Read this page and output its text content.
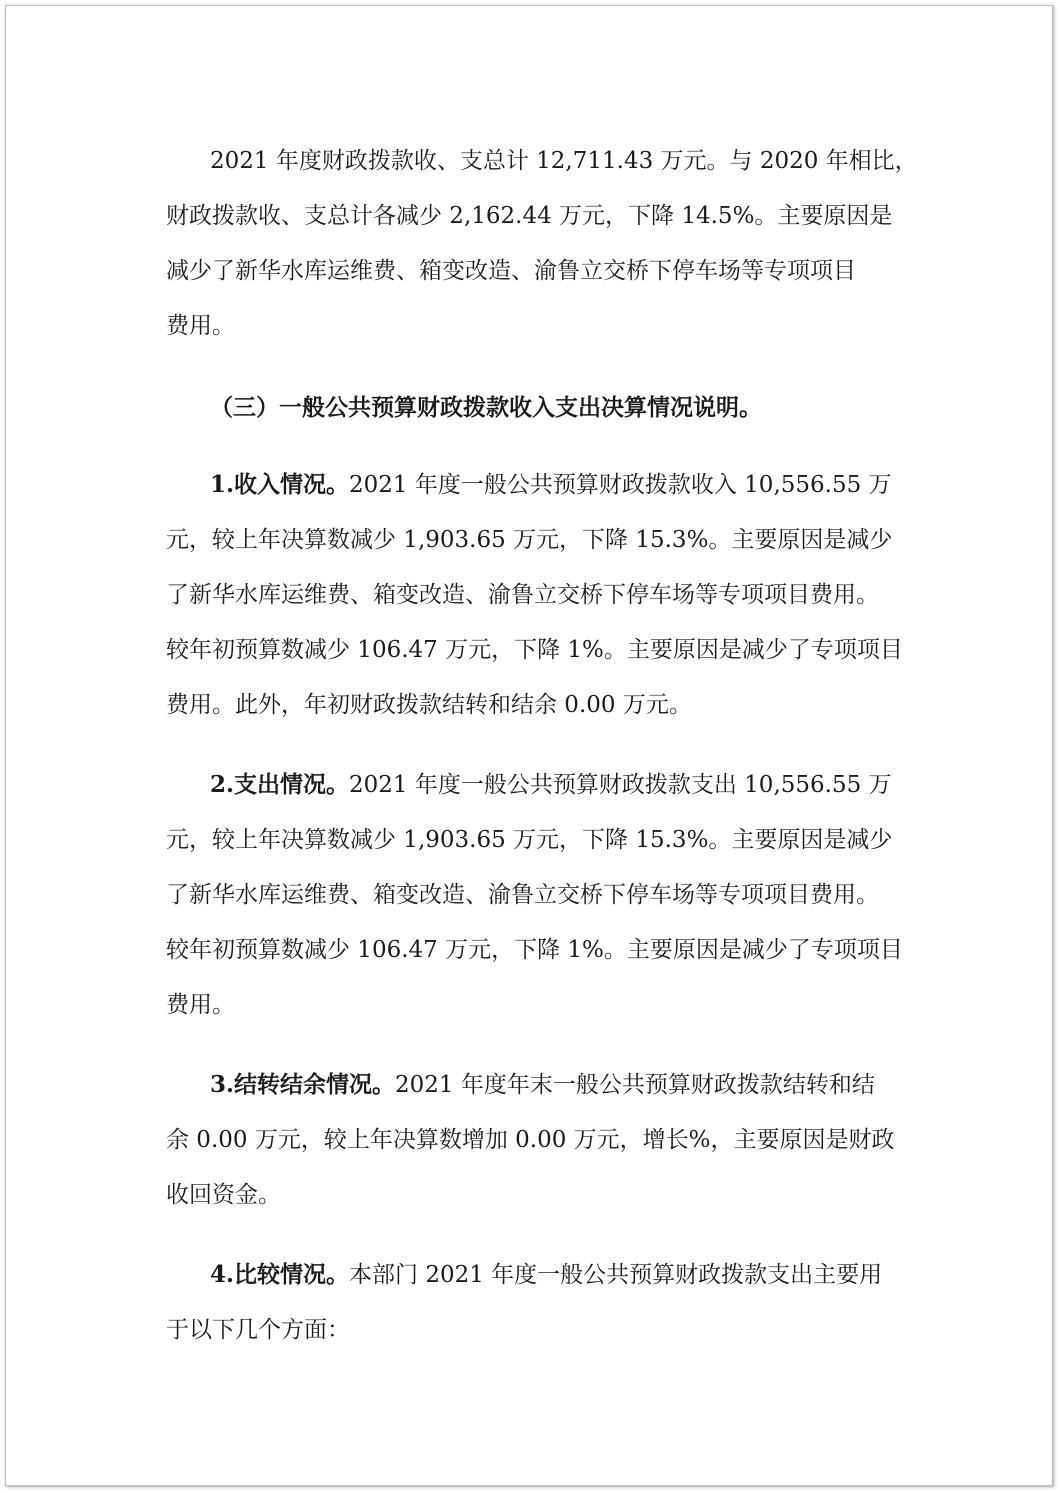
2021 年度财政拨款收、支总计 12,711.43 万元。与 2020 年相比，
财政拨款收、支总计各减少 2,162.44 万元，下降 14.5%。主要原因是
减少了新华水库运维费、箱变改造、渝鲁立交桥下停车场等专项项目
费用。
（三）一般公共预算财政拨款收入支出决算情况说明。
1.收入情况。2021 年度一般公共预算财政拨款收入 10,556.55 万
元，较上年决算数减少 1,903.65 万元，下降 15.3%。主要原因是减少
了新华水库运维费、箱变改造、渝鲁立交桥下停车场等专项项目费用。
较年初预算数减少 106.47 万元，下降 1%。主要原因是减少了专项项目
费用。此外，年初财政拨款结转和结余 0.00 万元。
2.支出情况。2021 年度一般公共预算财政拨款支出 10,556.55 万
元，较上年决算数减少 1,903.65 万元，下降 15.3%。主要原因是减少
了新华水库运维费、箱变改造、渝鲁立交桥下停车场等专项项目费用。
较年初预算数减少 106.47 万元，下降 1%。主要原因是减少了专项项目
费用。
3.结转结余情况。2021 年度年末一般公共预算财政拨款结转和结
余 0.00 万元，较上年决算数增加 0.00 万元，增长%，主要原因是财政
收回资金。
4.比较情况。本部门 2021 年度一般公共预算财政拨款支出主要用
于以下几个方面：
